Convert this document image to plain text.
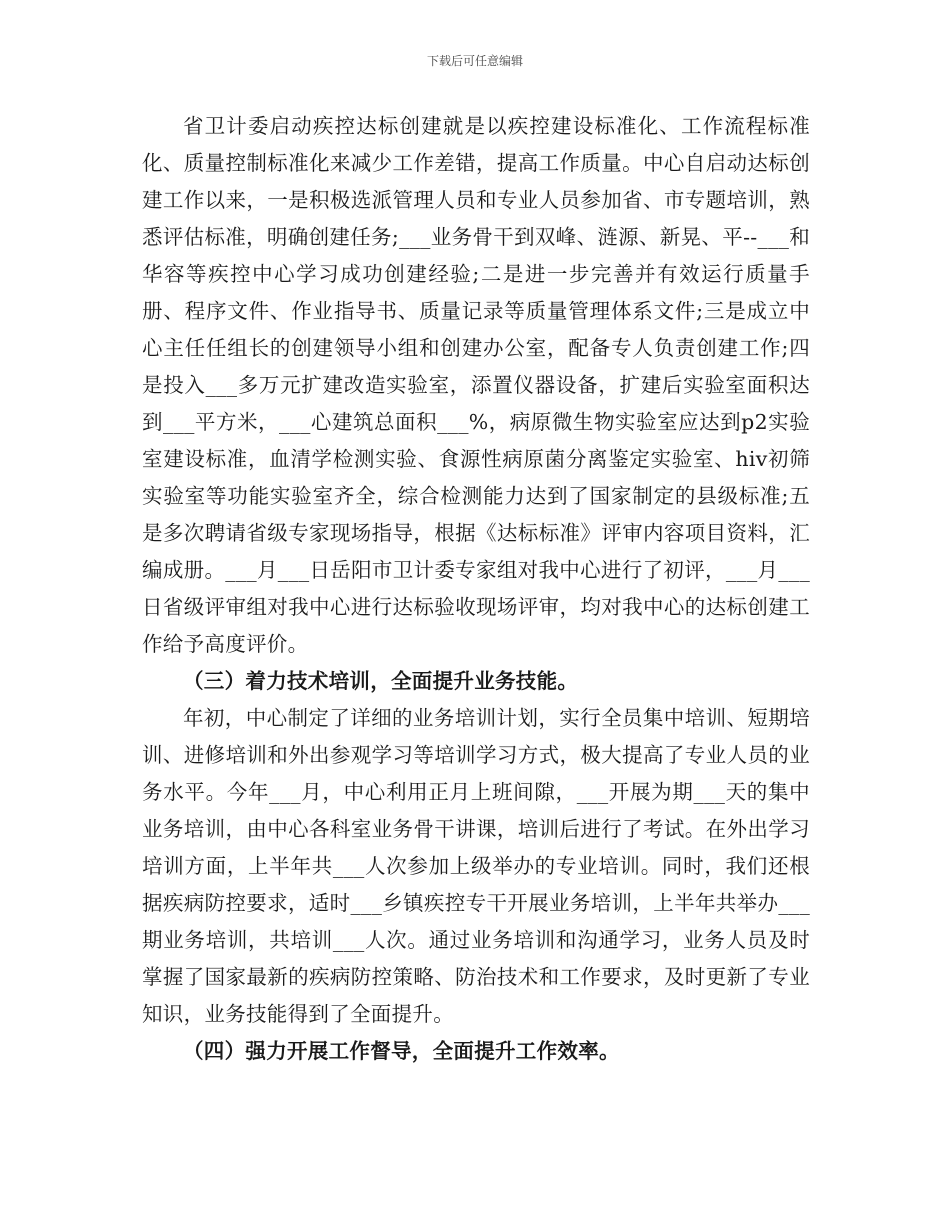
下载后可任意编辑

省卫计委启动疾控达标创建就是以疾控建设标准化、工作流程标准化、质量控制标准化来减少工作差错，提高工作质量。中心自启动达标创建工作以来，一是积极选派管理人员和专业人员参加省、市专题培训，熟悉评估标准，明确创建任务;___业务骨干到双峰、涟源、新晃、平--___和华容等疾控中心学习成功创建经验;二是进一步完善并有效运行质量手册、程序文件、作业指导书、质量记录等质量管理体系文件;三是成立中心主任任组长的创建领导小组和创建办公室，配备专人负责创建工作;四是投入___多万元扩建改造实验室，添置仪器设备，扩建后实验室面积达到___平方米，___心建筑总面积___%，病原微生物实验室应达到p2实验室建设标准，血清学检测实验、食源性病原菌分离鉴定实验室、hiv初筛实验室等功能实验室齐全，综合检测能力达到了国家制定的县级标准;五是多次聘请省级专家现场指导，根据《达标标准》评审内容项目资料，汇编成册。___月___日岳阳市卫计委专家组对我中心进行了初评，___月___日省级评审组对我中心进行达标验收现场评审，均对我中心的达标创建工作给予高度评价。

（三）着力技术培训，全面提升业务技能。

年初，中心制定了详细的业务培训计划，实行全员集中培训、短期培训、进修培训和外出参观学习等培训学习方式，极大提高了专业人员的业务水平。今年___月，中心利用正月上班间隙，___开展为期___天的集中业务培训，由中心各科室业务骨干讲课，培训后进行了考试。在外出学习培训方面，上半年共___人次参加上级举办的专业培训。同时，我们还根据疾病防控要求，适时___乡镇疾控专干开展业务培训，上半年共举办___期业务培训，共培训___人次。通过业务培训和沟通学习，业务人员及时掌握了国家最新的疾病防控策略、防治技术和工作要求，及时更新了专业知识，业务技能得到了全面提升。

（四）强力开展工作督导，全面提升工作效率。
